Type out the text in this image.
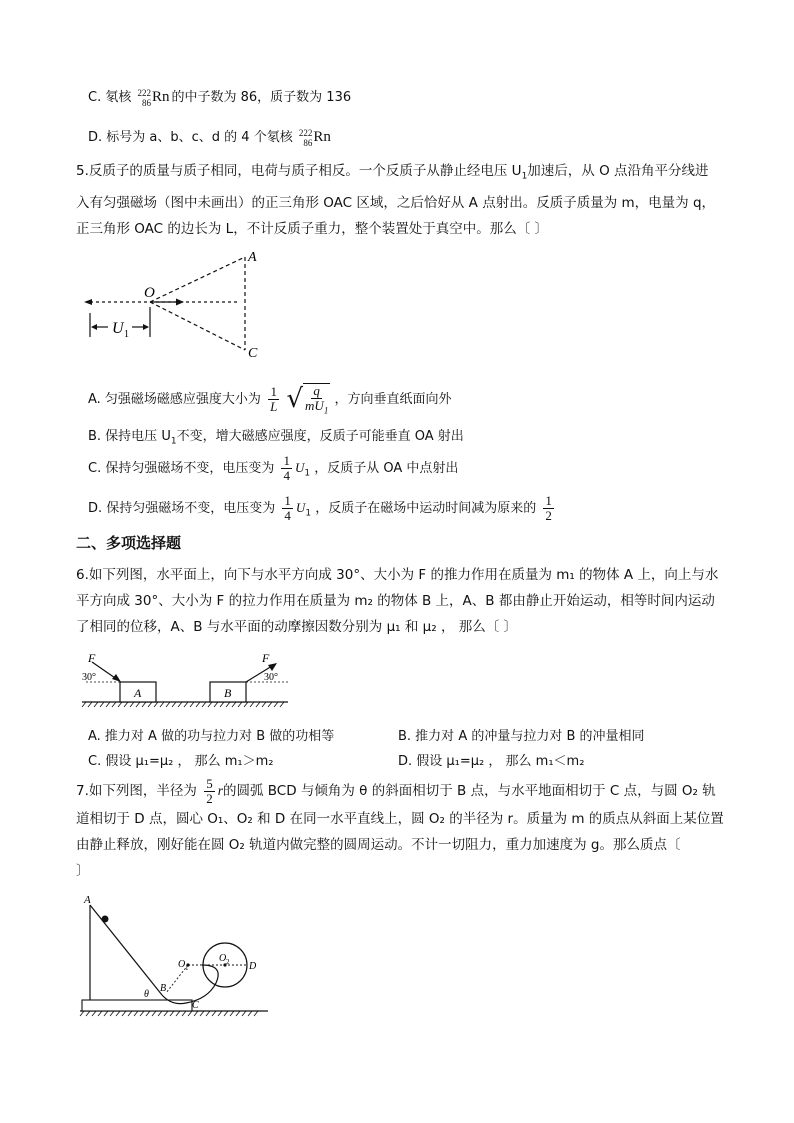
C. 氡核 222
86 Rn 的中子数为 86，质子数为 136
D. 标号为 a、b、c、d 的 4 个氡核 222
86 Rn
5.反质子的质量与质子相同，电荷与质子相反。一个反质子从静止经电压 $U_1$加速后，从 O 点沿角平分线进
入有匀强磁场（图中未画出）的正三角形 OAC 区域，之后恰好从 A 点射出。反质子质量为 m，电量为 q，
正三角形 OAC 的边长为 L，不计反质子重力，整个装置处于真空中。那么〔 〕
U 1
O
A
C
A. 匀强磁场磁感应强度大小为 $\frac{1}{L}$
√ $\frac{q}{mU_1}$ ，方向垂直纸面向外
B. 保持电压 $U_1$不变，增大磁感应强度，反质子可能垂直 OA 射出
C. 保持匀强磁场不变，电压变为 $\frac{1}{4} U_1$ ，反质子从 OA 中点射出
D. 保持匀强磁场不变，电压变为 $\frac{1}{4} U_1$ ，反质子在磁场中运动时间减为原来的 $\frac{1}{2}$
二、多项选择题
6.如下列图，水平面上，向下与水平方向成 30°、大小为 F 的推力作用在质量为 m₁ 的物体 A 上，向上与水
平方向成 30°、大小为 F 的拉力作用在质量为 m₂ 的物体 B 上，A、B 都由静止开始运动，相等时间内运动
了相同的位移，A、B 与水平面的动摩擦因数分别为 μ₁ 和 μ₂ ， 那么〔 〕
A
F
30°
B
F
30°
A. 推力对 A 做的功与拉力对 B 做的功相等	B. 推力对 A 的冲量与拉力对 B 的冲量相同
C. 假设 μ₁=μ₂ ， 那么 m₁＞m₂	D. 假设 μ₁=μ₂ ， 那么 m₁＜m₂
7.如下列图，半径为 $\frac{5}{2}$ r的圆弧 BCD 与倾角为 θ 的斜面相切于 B 点，与水平地面相切于 C 点，与圆 O₂ 轨
道相切于 D 点，圆心 O₁、O₂ 和 D 在同一水平直线上，圆 O₂ 的半径为 r。质量为 m 的质点从斜面上某位置
由静止释放，刚好能在圆 O₂ 轨道内做完整的圆周运动。不计一切阻力，重力加速度为 g。那么质点〔
〕
A
O 1
O 2 D
θ
B
C
